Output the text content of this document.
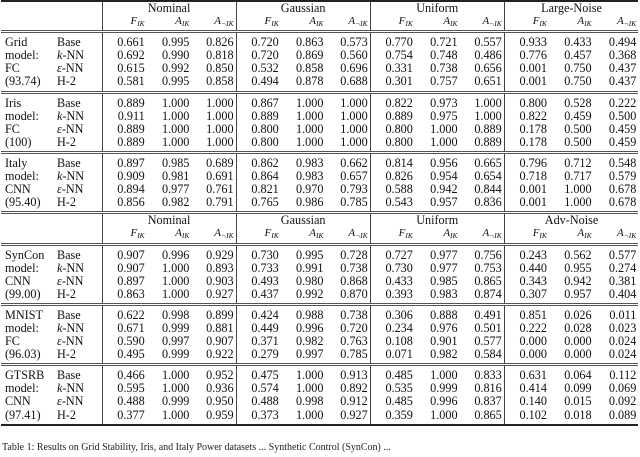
		Nominal			Gaussian			Uniform			Large-Noise		
		$F_{IK}$	$A_{IK}$	$A_{\neg IK}$	$F_{IK}$	$A_{IK}$	$A_{\neg IK}$	$F_{IK}$	$A_{IK}$	$A_{\neg IK}$	$F_{IK}$	$A_{IK}$	$A_{\neg IK}$
Grid	Base	0.661	0.995	0.826	0.720	0.863	0.573	0.770	0.721	0.557	0.933	0.433	0.494
model:	k-NN	0.692	0.990	0.818	0.720	0.869	0.560	0.754	0.748	0.486	0.776	0.457	0.368
FC	ε-NN	0.615	0.992	0.850	0.532	0.858	0.696	0.331	0.738	0.656	0.001	0.750	0.437
(93.74)	H-2	0.581	0.995	0.858	0.494	0.878	0.688	0.301	0.757	0.651	0.001	0.750	0.437
Iris	Base	0.889	1.000	1.000	0.867	1.000	1.000	0.822	0.973	1.000	0.800	0.528	0.222
model:	k-NN	0.911	1.000	1.000	0.889	1.000	1.000	0.889	0.975	1.000	0.822	0.459	0.500
FC	ε-NN	0.889	1.000	1.000	0.800	1.000	1.000	0.800	1.000	0.889	0.178	0.500	0.459
(100)	H-2	0.889	1.000	1.000	0.800	1.000	1.000	0.800	1.000	0.889	0.178	0.500	0.459
Italy	Base	0.897	0.985	0.689	0.862	0.983	0.662	0.814	0.956	0.665	0.796	0.712	0.548
model:	k-NN	0.909	0.981	0.691	0.864	0.983	0.657	0.826	0.954	0.654	0.718	0.717	0.579
CNN	ε-NN	0.894	0.977	0.761	0.821	0.970	0.793	0.588	0.942	0.844	0.001	1.000	0.678
(95.40)	H-2	0.856	0.982	0.791	0.765	0.986	0.785	0.543	0.957	0.836	0.001	1.000	0.678
		Nominal			Gaussian			Uniform			Adv-Noise		
		$F_{IK}$	$A_{IK}$	$A_{\neg IK}$	$F_{IK}$	$A_{IK}$	$A_{\neg IK}$	$F_{IK}$	$A_{IK}$	$A_{\neg IK}$	$F_{IK}$	$A_{IK}$	$A_{\neg IK}$
SynCon	Base	0.907	0.996	0.929	0.730	0.995	0.728	0.727	0.977	0.756	0.243	0.562	0.577
model:	k-NN	0.907	1.000	0.893	0.733	0.991	0.738	0.730	0.977	0.753	0.440	0.955	0.274
CNN	ε-NN	0.897	1.000	0.903	0.493	0.980	0.868	0.433	0.985	0.865	0.343	0.942	0.381
(99.00)	H-2	0.863	1.000	0.927	0.437	0.992	0.870	0.393	0.983	0.874	0.307	0.957	0.404
MNIST	Base	0.622	0.998	0.899	0.424	0.988	0.738	0.306	0.888	0.491	0.851	0.026	0.011
model:	k-NN	0.671	0.999	0.881	0.449	0.996	0.720	0.234	0.976	0.501	0.222	0.028	0.023
FC	ε-NN	0.590	0.997	0.907	0.371	0.982	0.763	0.108	0.901	0.577	0.000	0.000	0.024
(96.03)	H-2	0.495	0.999	0.922	0.279	0.997	0.785	0.071	0.982	0.584	0.000	0.000	0.024
GTSRB	Base	0.466	1.000	0.952	0.475	1.000	0.913	0.485	1.000	0.833	0.631	0.064	0.112
model:	k-NN	0.595	1.000	0.936	0.574	1.000	0.892	0.535	0.999	0.816	0.414	0.099	0.069
CNN	ε-NN	0.488	0.999	0.950	0.488	0.998	0.912	0.485	0.996	0.837	0.140	0.015	0.092
(97.41)	H-2	0.377	1.000	0.959	0.373	1.000	0.927	0.359	1.000	0.865	0.102	0.018	0.089
Table 1: Results on Grid Stability, Iris, and Italy Power datasets ... Synthetic Control (SynCon) ...
